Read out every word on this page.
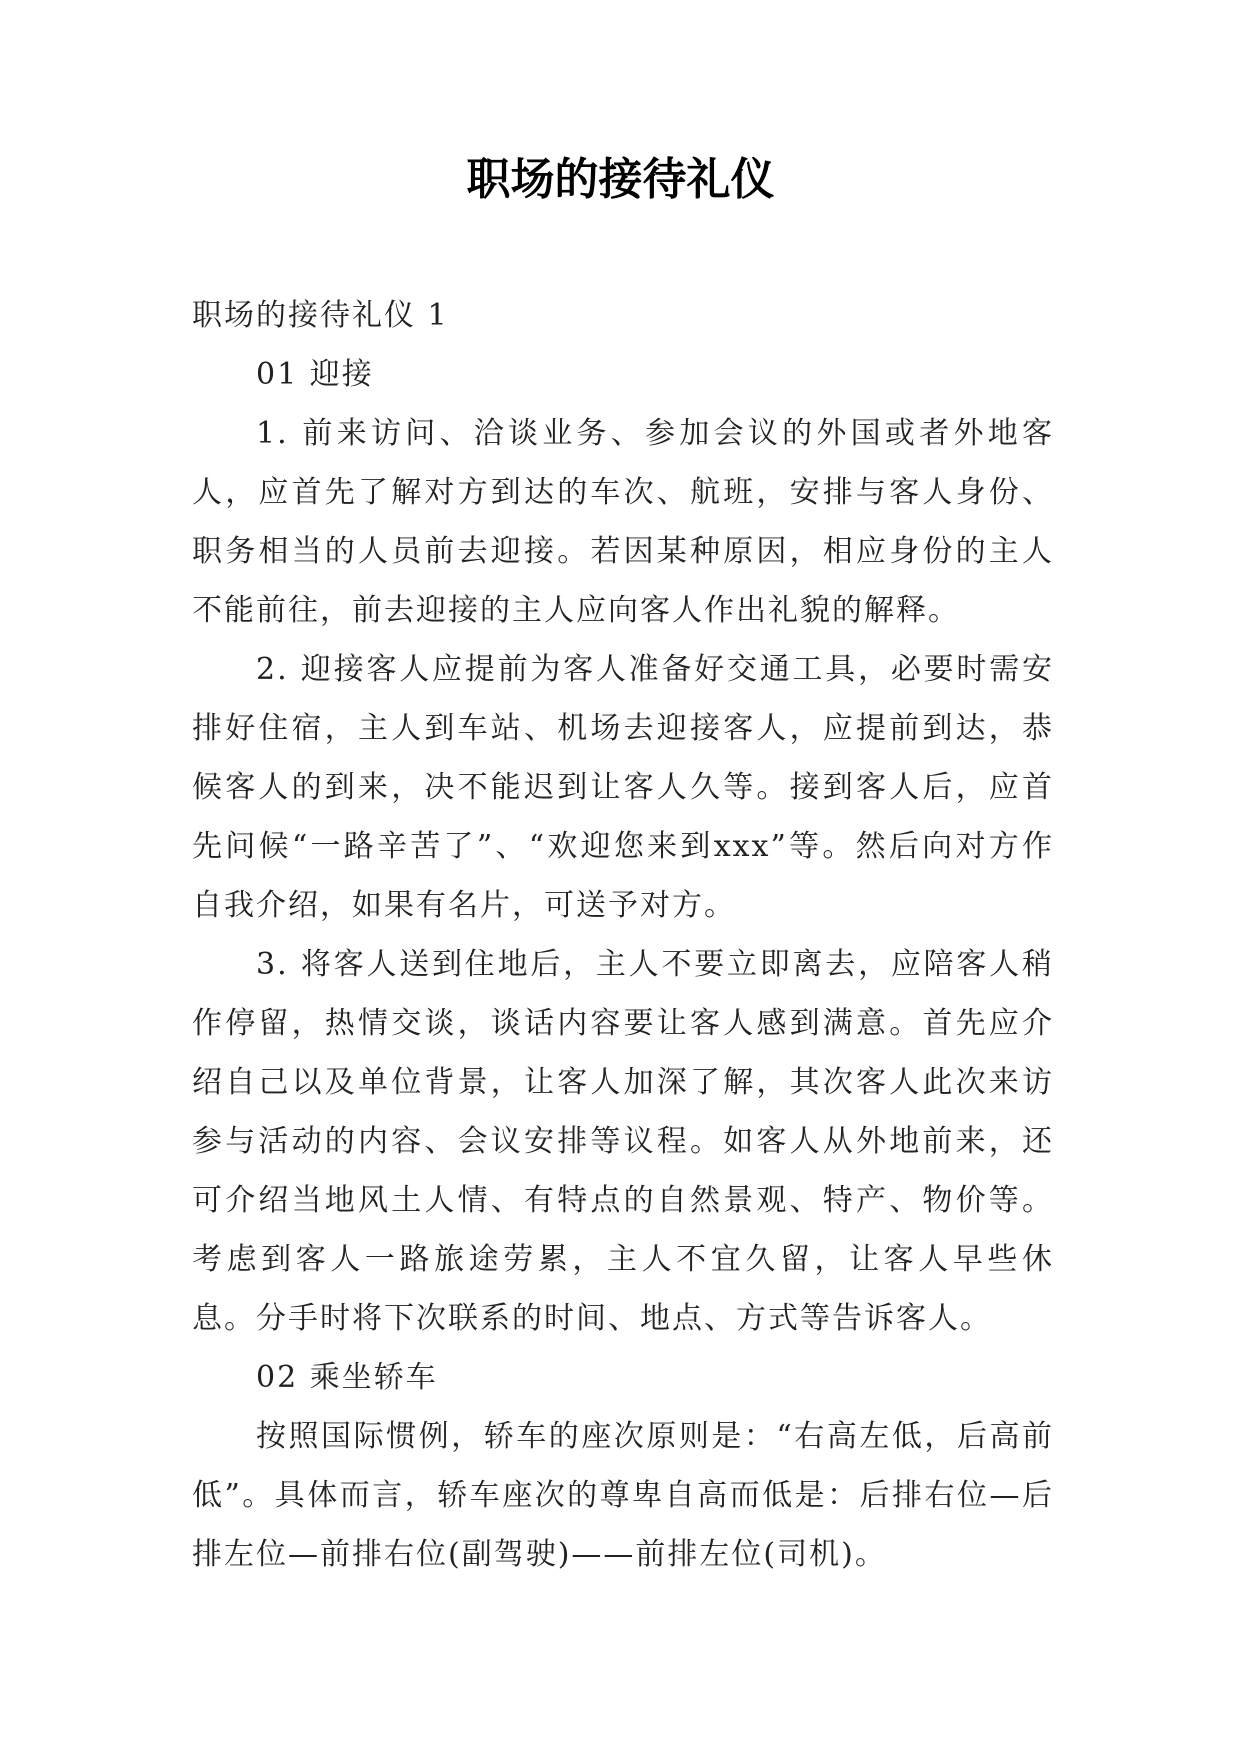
职场的接待礼仪

职场的接待礼仪 1

01 迎接

1. 前来访问、洽谈业务、参加会议的外国或者外地客人，应首先了解对方到达的车次、航班，安排与客人身份、职务相当的人员前去迎接。若因某种原因，相应身份的主人不能前往，前去迎接的主人应向客人作出礼貌的解释。

2. 迎接客人应提前为客人准备好交通工具，必要时需安排好住宿，主人到车站、机场去迎接客人，应提前到达，恭候客人的到来，决不能迟到让客人久等。接到客人后，应首先问候“一路辛苦了”、“欢迎您来到xxx”等。然后向对方作自我介绍，如果有名片，可送予对方。

3. 将客人送到住地后，主人不要立即离去，应陪客人稍作停留，热情交谈，谈话内容要让客人感到满意。首先应介绍自己以及单位背景，让客人加深了解，其次客人此次来访参与活动的内容、会议安排等议程。如客人从外地前来，还可介绍当地风土人情、有特点的自然景观、特产、物价等。考虑到客人一路旅途劳累，主人不宜久留，让客人早些休息。分手时将下次联系的时间、地点、方式等告诉客人。

02 乘坐轿车

按照国际惯例，轿车的座次原则是：“右高左低，后高前低”。具体而言，轿车座次的尊卑自高而低是：后排右位—后排左位—前排右位(副驾驶)——前排左位(司机)。
